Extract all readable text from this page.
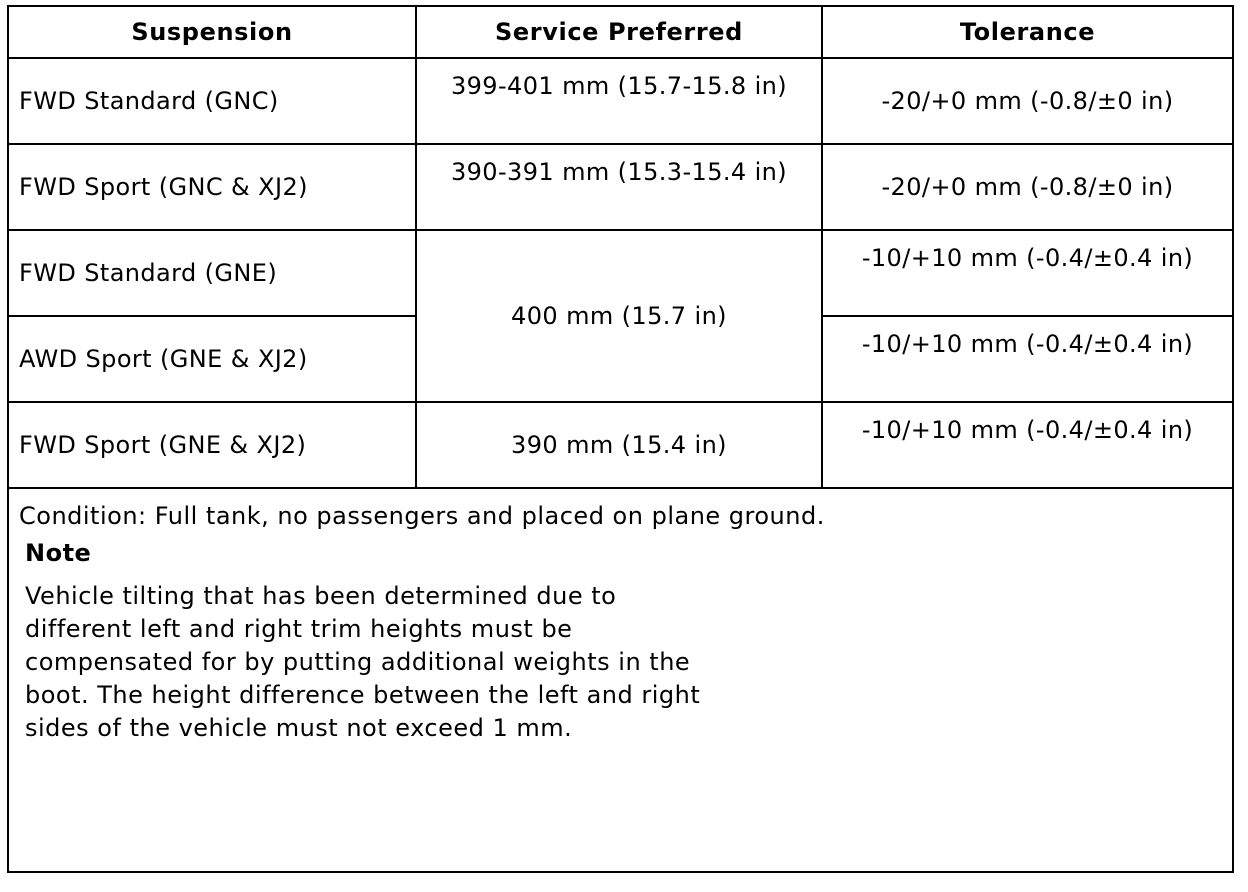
Suspension	Service Preferred	Tolerance
FWD Standard (GNC)	399-401 mm (15.7-15.8 in)	-20/+0 mm (-0.8/±0 in)
FWD Sport (GNC & XJ2)	390-391 mm (15.3-15.4 in)	-20/+0 mm (-0.8/±0 in)
FWD Standard (GNE)	400 mm (15.7 in)	-10/+10 mm (-0.4/±0.4 in)
AWD Sport (GNE & XJ2)		-10/+10 mm (-0.4/±0.4 in)
FWD Sport (GNE & XJ2)	390 mm (15.4 in)	-10/+10 mm (-0.4/±0.4 in)

Condition: Full tank, no passengers and placed on plane ground.

Note

Vehicle tilting that has been determined due to different left and right trim heights must be compensated for by putting additional weights in the boot. The height difference between the left and right sides of the vehicle must not exceed 1 mm.		
